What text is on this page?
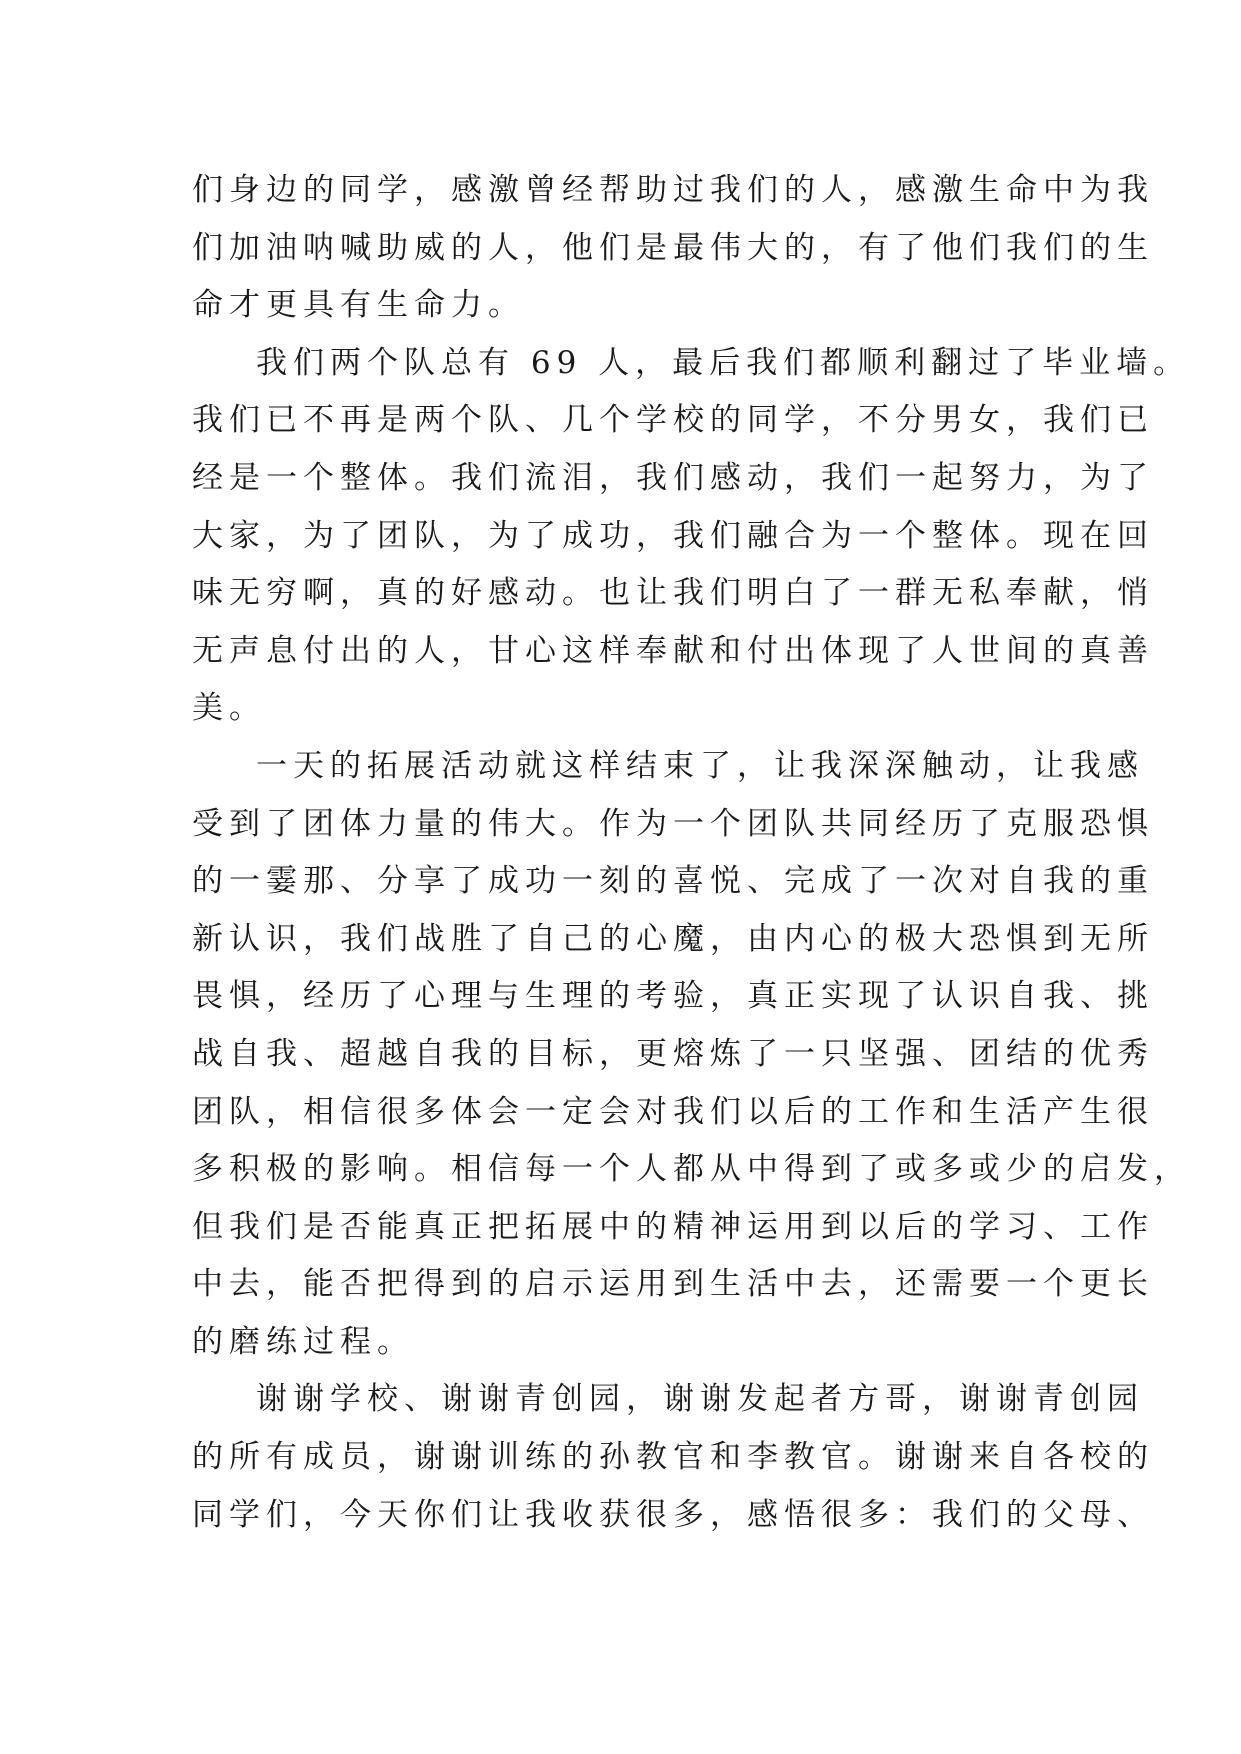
们身边的同学，感激曾经帮助过我们的人，感激生命中为我
们加油呐喊助威的人，他们是最伟大的，有了他们我们的生
命才更具有生命力。

我们两个队总有 69 人，最后我们都顺利翻过了毕业墙。
我们已不再是两个队、几个学校的同学，不分男女，我们已
经是一个整体。我们流泪，我们感动，我们一起努力，为了
大家，为了团队，为了成功，我们融合为一个整体。现在回
味无穷啊，真的好感动。也让我们明白了一群无私奉献，悄
无声息付出的人，甘心这样奉献和付出体现了人世间的真善
美。

一天的拓展活动就这样结束了，让我深深触动，让我感
受到了团体力量的伟大。作为一个团队共同经历了克服恐惧
的一霎那、分享了成功一刻的喜悦、完成了一次对自我的重
新认识，我们战胜了自己的心魔，由内心的极大恐惧到无所
畏惧，经历了心理与生理的考验，真正实现了认识自我、挑
战自我、超越自我的目标，更熔炼了一只坚强、团结的优秀
团队，相信很多体会一定会对我们以后的工作和生活产生很
多积极的影响。相信每一个人都从中得到了或多或少的启发，
但我们是否能真正把拓展中的精神运用到以后的学习、工作
中去，能否把得到的启示运用到生活中去，还需要一个更长
的磨练过程。

谢谢学校、谢谢青创园，谢谢发起者方哥，谢谢青创园
的所有成员，谢谢训练的孙教官和李教官。谢谢来自各校的
同学们，今天你们让我收获很多，感悟很多：我们的父母、
